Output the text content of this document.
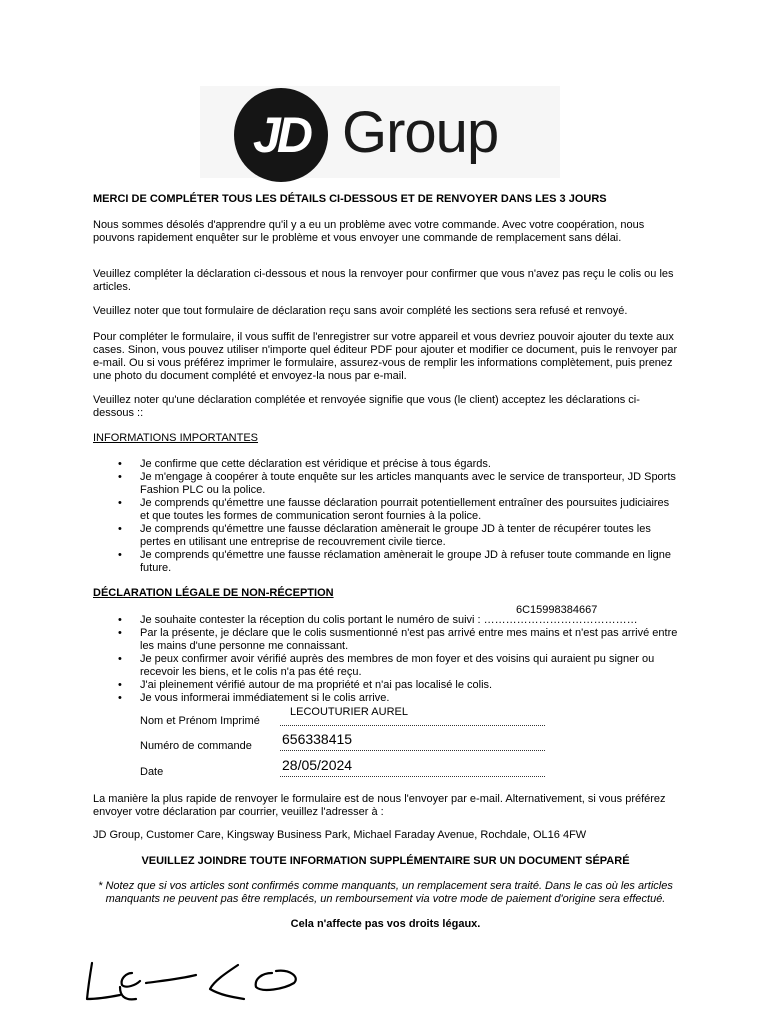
JD Group
MERCI DE COMPLÉTER TOUS LES DÉTAILS CI-DESSOUS ET DE RENVOYER DANS LES 3 JOURS
Nous sommes désolés d'apprendre qu'il y a eu un problème avec votre commande. Avec votre coopération, nous pouvons rapidement enquêter sur le problème et vous envoyer une commande de remplacement sans délai.
Veuillez compléter la déclaration ci-dessous et nous la renvoyer pour confirmer que vous n'avez pas reçu le colis ou les articles.
Veuillez noter que tout formulaire de déclaration reçu sans avoir complété les sections sera refusé et renvoyé.
Pour compléter le formulaire, il vous suffit de l'enregistrer sur votre appareil et vous devriez pouvoir ajouter du texte aux cases. Sinon, vous pouvez utiliser n'importe quel éditeur PDF pour ajouter et modifier ce document, puis le renvoyer par e-mail. Ou si vous préférez imprimer le formulaire, assurez-vous de remplir les informations complètement, puis prenez une photo du document complété et envoyez-la nous par e-mail.
Veuillez noter qu'une déclaration complétée et renvoyée signifie que vous (le client) acceptez les déclarations ci-dessous ::
INFORMATIONS IMPORTANTES
• Je confirme que cette déclaration est véridique et précise à tous égards.
• Je m'engage à coopérer à toute enquête sur les articles manquants avec le service de transporteur, JD Sports Fashion PLC ou la police.
• Je comprends qu'émettre une fausse déclaration pourrait potentiellement entraîner des poursuites judiciaires et que toutes les formes de communication seront fournies à la police.
• Je comprends qu'émettre une fausse déclaration amènerait le groupe JD à tenter de récupérer toutes les pertes en utilisant une entreprise de recouvrement civile tierce.
• Je comprends qu'émettre une fausse réclamation amènerait le groupe JD à refuser toute commande en ligne future.
DÉCLARATION LÉGALE DE NON-RÉCEPTION
6C15998384667
• Je souhaite contester la réception du colis portant le numéro de suivi : ……………………………………
• Par la présente, je déclare que le colis susmentionné n'est pas arrivé entre mes mains et n'est pas arrivé entre les mains d'une personne me connaissant.
• Je peux confirmer avoir vérifié auprès des membres de mon foyer et des voisins qui auraient pu signer ou recevoir les biens, et le colis n'a pas été reçu.
• J'ai pleinement vérifié autour de ma propriété et n'ai pas localisé le colis.
• Je vous informerai immédiatement si le colis arrive.
Nom et Prénom Imprimé
LECOUTURIER AUREL
Numéro de commande 656338415
Date	28/05/2024
La manière la plus rapide de renvoyer le formulaire est de nous l'envoyer par e-mail. Alternativement, si vous préférez envoyer votre déclaration par courrier, veuillez l'adresser à :
JD Group, Customer Care, Kingsway Business Park, Michael Faraday Avenue, Rochdale, OL16 4FW
VEUILLEZ JOINDRE TOUTE INFORMATION SUPPLÉMENTAIRE SUR UN DOCUMENT SÉPARÉ
* Notez que si vos articles sont confirmés comme manquants, un remplacement sera traité. Dans le cas où les articles manquants ne peuvent pas être remplacés, un remboursement via votre mode de paiement d'origine sera effectué.
Cela n'affecte pas vos droits légaux.
